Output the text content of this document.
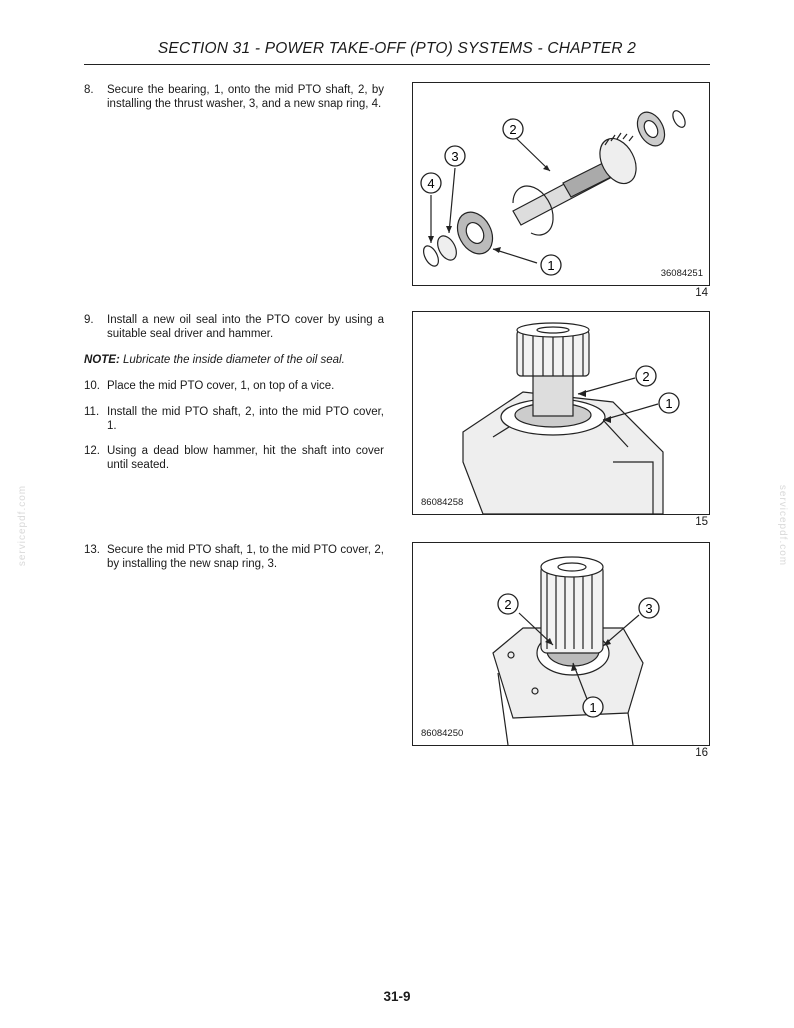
SECTION 31 - POWER TAKE-OFF (PTO) SYSTEMS - CHAPTER 2
8.	Secure the bearing, 1, onto the mid PTO shaft, 2, by installing the thrust washer, 3, and a new snap ring, 4.
9.	Install a new oil seal into the PTO cover by using a suitable seal driver and hammer.
NOTE: Lubricate the inside diameter of the oil seal.
10. Place the mid PTO cover, 1, on top of a vice.
11. Install the mid PTO shaft, 2, into the mid PTO cover, 1.
12. Using a dead blow hammer, hit the shaft into cover until seated.
13. Secure the mid PTO shaft, 1, to the mid PTO cover, 2, by installing the new snap ring, 3.
1
2
3
4
36084251
14
1
2
86084258
15
1
2	3
86084250
16
servicepdf.com	servicepdf.com
31-9
